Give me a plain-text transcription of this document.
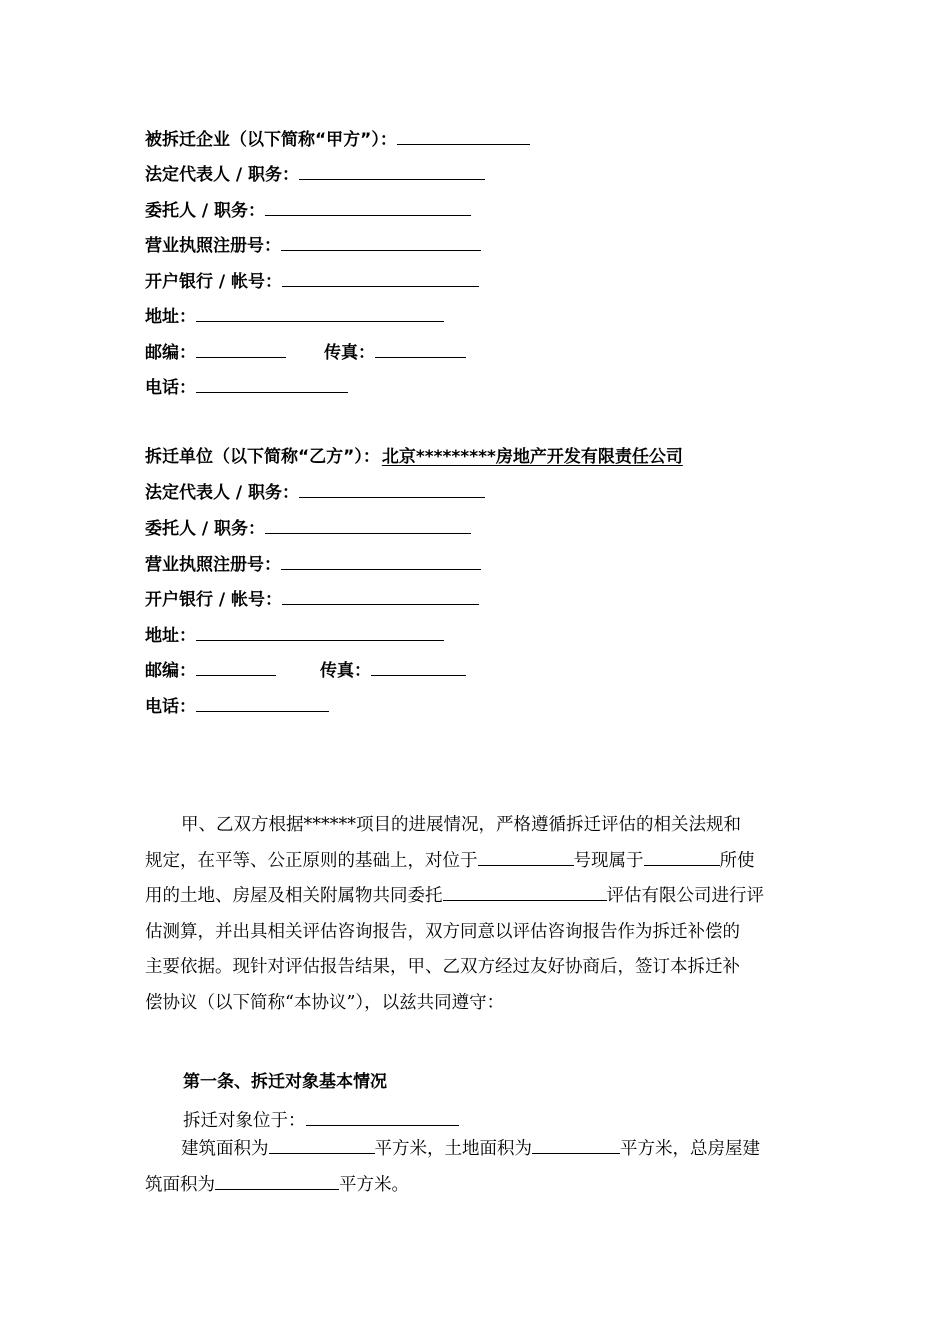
被拆迁企业（以下简称“甲方”）：
法定代表人 / 职务：
委托人 / 职务：
营业执照注册号：
开户银行 / 帐号：
地址：
邮编：	传真：
电话：
拆迁单位（以下简称“乙方”）： 北京*********房地产开发有限责任公司
法定代表人 / 职务：
委托人 / 职务：
营业执照注册号：
开户银行 / 帐号：
地址：
邮编：	传真：
电话：
甲、乙双方根据******项目的进展情况，严格遵循拆迁评估的相关法规和
规定，在平等、公正原则的基础上，对位于	号现属于	所使
用的土地、房屋及相关附属物共同委托	评估有限公司进行评
估测算，并出具相关评估咨询报告，双方同意以评估咨询报告作为拆迁补偿的
主要依据。现针对评估报告结果，甲、乙双方经过友好协商后，签订本拆迁补
偿协议（以下简称“本协议”），以兹共同遵守：
第一条、拆迁对象基本情况
拆迁对象位于：
建筑面积为	平方米，土地面积为	平方米，总房屋建
筑面积为	平方米。
